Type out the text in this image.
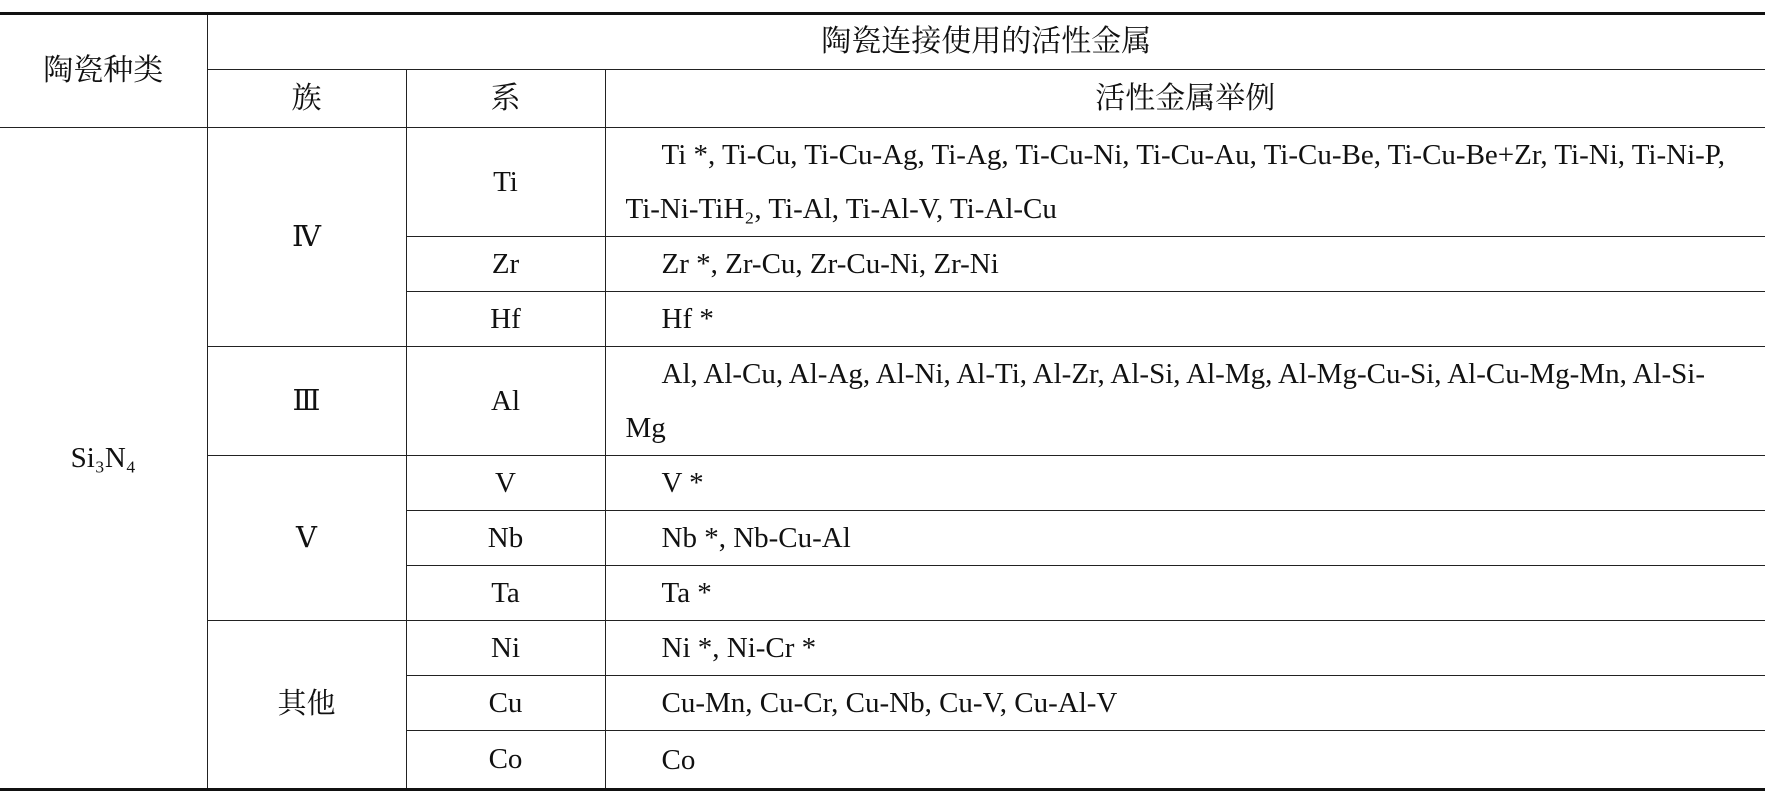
陶瓷种类	陶瓷连接使用的活性金属		
	族	系	活性金属举例
Si₃N₄	Ⅳ	Ti	Ti *, Ti-Cu, Ti-Cu-Ag, Ti-Ag, Ti-Cu-Ni, Ti-Cu-Au, Ti-Cu-Be, Ti-Cu-Be+Zr, Ti-Ni, Ti-Ni-P, Ti-Ni-TiH₂, Ti-Al, Ti-Al-V, Ti-Al-Cu
		Zr	Zr *, Zr-Cu, Zr-Cu-Ni, Zr-Ni
		Hf	Hf *
	Ⅲ	Al	Al, Al-Cu, Al-Ag, Al-Ni, Al-Ti, Al-Zr, Al-Si, Al-Mg, Al-Mg-Cu-Si, Al-Cu-Mg-Mn, Al-Si-Mg
	Ⅴ	V	V *
		Nb	Nb *, Nb-Cu-Al
		Ta	Ta *
	其他	Ni	Ni *, Ni-Cr *
		Cu	Cu-Mn, Cu-Cr, Cu-Nb, Cu-V, Cu-Al-V
		Co	Co
